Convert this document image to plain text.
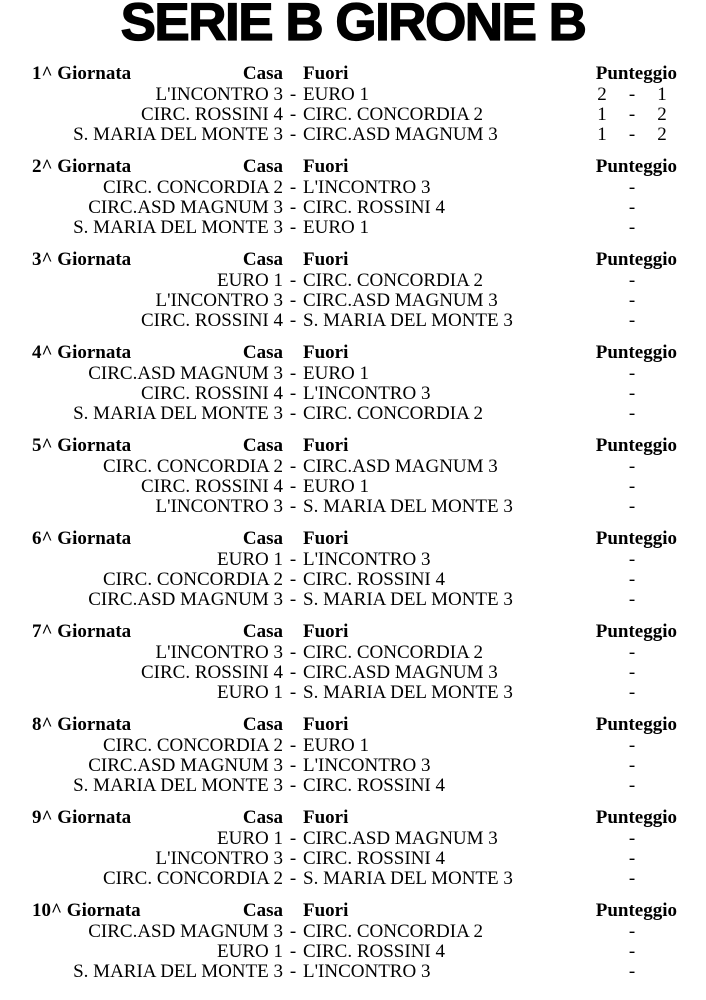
SERIE B GIRONE B
1^ Giornata	Casa Fuori	Punteggio
L'INCONTRO 3 - EURO 1	2	-	1
CIRC. ROSSINI 4 - CIRC. CONCORDIA 2	1	-	2
S. MARIA DEL MONTE 3 - CIRC.ASD MAGNUM 3	1	-	2
2^ Giornata	Casa Fuori	Punteggio
CIRC. CONCORDIA 2 - L'INCONTRO 3	-
CIRC.ASD MAGNUM 3 - CIRC. ROSSINI 4	-
S. MARIA DEL MONTE 3 - EURO 1	-
3^ Giornata	Casa Fuori	Punteggio
EURO 1 - CIRC. CONCORDIA 2	-
L'INCONTRO 3 - CIRC.ASD MAGNUM 3	-
CIRC. ROSSINI 4 - S. MARIA DEL MONTE 3	-
4^ Giornata	Casa Fuori	Punteggio
CIRC.ASD MAGNUM 3 - EURO 1	-
CIRC. ROSSINI 4 - L'INCONTRO 3	-
S. MARIA DEL MONTE 3 - CIRC. CONCORDIA 2	-
5^ Giornata	Casa Fuori	Punteggio
CIRC. CONCORDIA 2 - CIRC.ASD MAGNUM 3	-
CIRC. ROSSINI 4 - EURO 1	-
L'INCONTRO 3 - S. MARIA DEL MONTE 3	-
6^ Giornata	Casa Fuori	Punteggio
EURO 1 - L'INCONTRO 3	-
CIRC. CONCORDIA 2 - CIRC. ROSSINI 4	-
CIRC.ASD MAGNUM 3 - S. MARIA DEL MONTE 3	-
7^ Giornata	Casa Fuori	Punteggio
L'INCONTRO 3 - CIRC. CONCORDIA 2	-
CIRC. ROSSINI 4 - CIRC.ASD MAGNUM 3	-
EURO 1 - S. MARIA DEL MONTE 3	-
8^ Giornata	Casa Fuori	Punteggio
CIRC. CONCORDIA 2 - EURO 1	-
CIRC.ASD MAGNUM 3 - L'INCONTRO 3	-
S. MARIA DEL MONTE 3 - CIRC. ROSSINI 4	-
9^ Giornata	Casa Fuori	Punteggio
EURO 1 - CIRC.ASD MAGNUM 3	-
L'INCONTRO 3 - CIRC. ROSSINI 4	-
CIRC. CONCORDIA 2 - S. MARIA DEL MONTE 3	-
10^ Giornata	Casa Fuori	Punteggio
CIRC.ASD MAGNUM 3 - CIRC. CONCORDIA 2	-
EURO 1 - CIRC. ROSSINI 4	-
S. MARIA DEL MONTE 3 - L'INCONTRO 3	-
